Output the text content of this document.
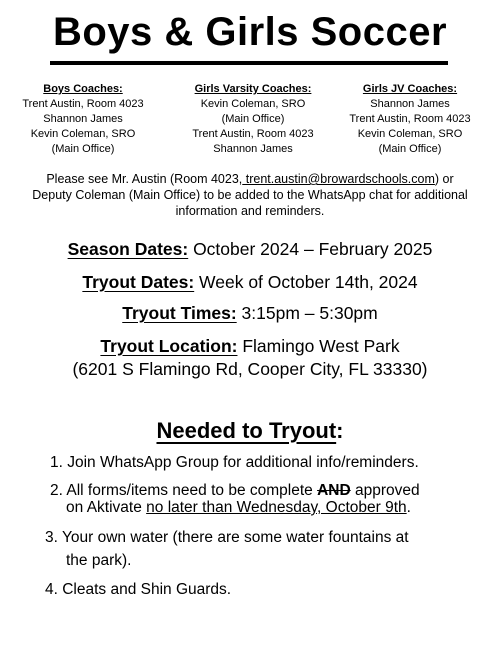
Boys & Girls Soccer
Boys Coaches:
Trent Austin, Room 4023
Shannon James
Kevin Coleman, SRO
(Main Office)
Girls Varsity Coaches:
Kevin Coleman, SRO
(Main Office)
Trent Austin, Room 4023
Shannon James
Girls JV Coaches:
Shannon James
Trent Austin, Room 4023
Kevin Coleman, SRO
(Main Office)
Please see Mr. Austin (Room 4023, trent.austin@browardschools.com) or Deputy Coleman (Main Office) to be added to the WhatsApp chat for additional information and reminders.
Season Dates: October 2024 – February 2025
Tryout Dates: Week of October 14th, 2024
Tryout Times: 3:15pm – 5:30pm
Tryout Location: Flamingo West Park
(6201 S Flamingo Rd, Cooper City, FL 33330)
Needed to Tryout:
1. Join WhatsApp Group for additional info/reminders.
2. All forms/items need to be complete AND approved
on Aktivate no later than Wednesday, October 9th.
3. Your own water (there are some water fountains at
the park).
4. Cleats and Shin Guards.
